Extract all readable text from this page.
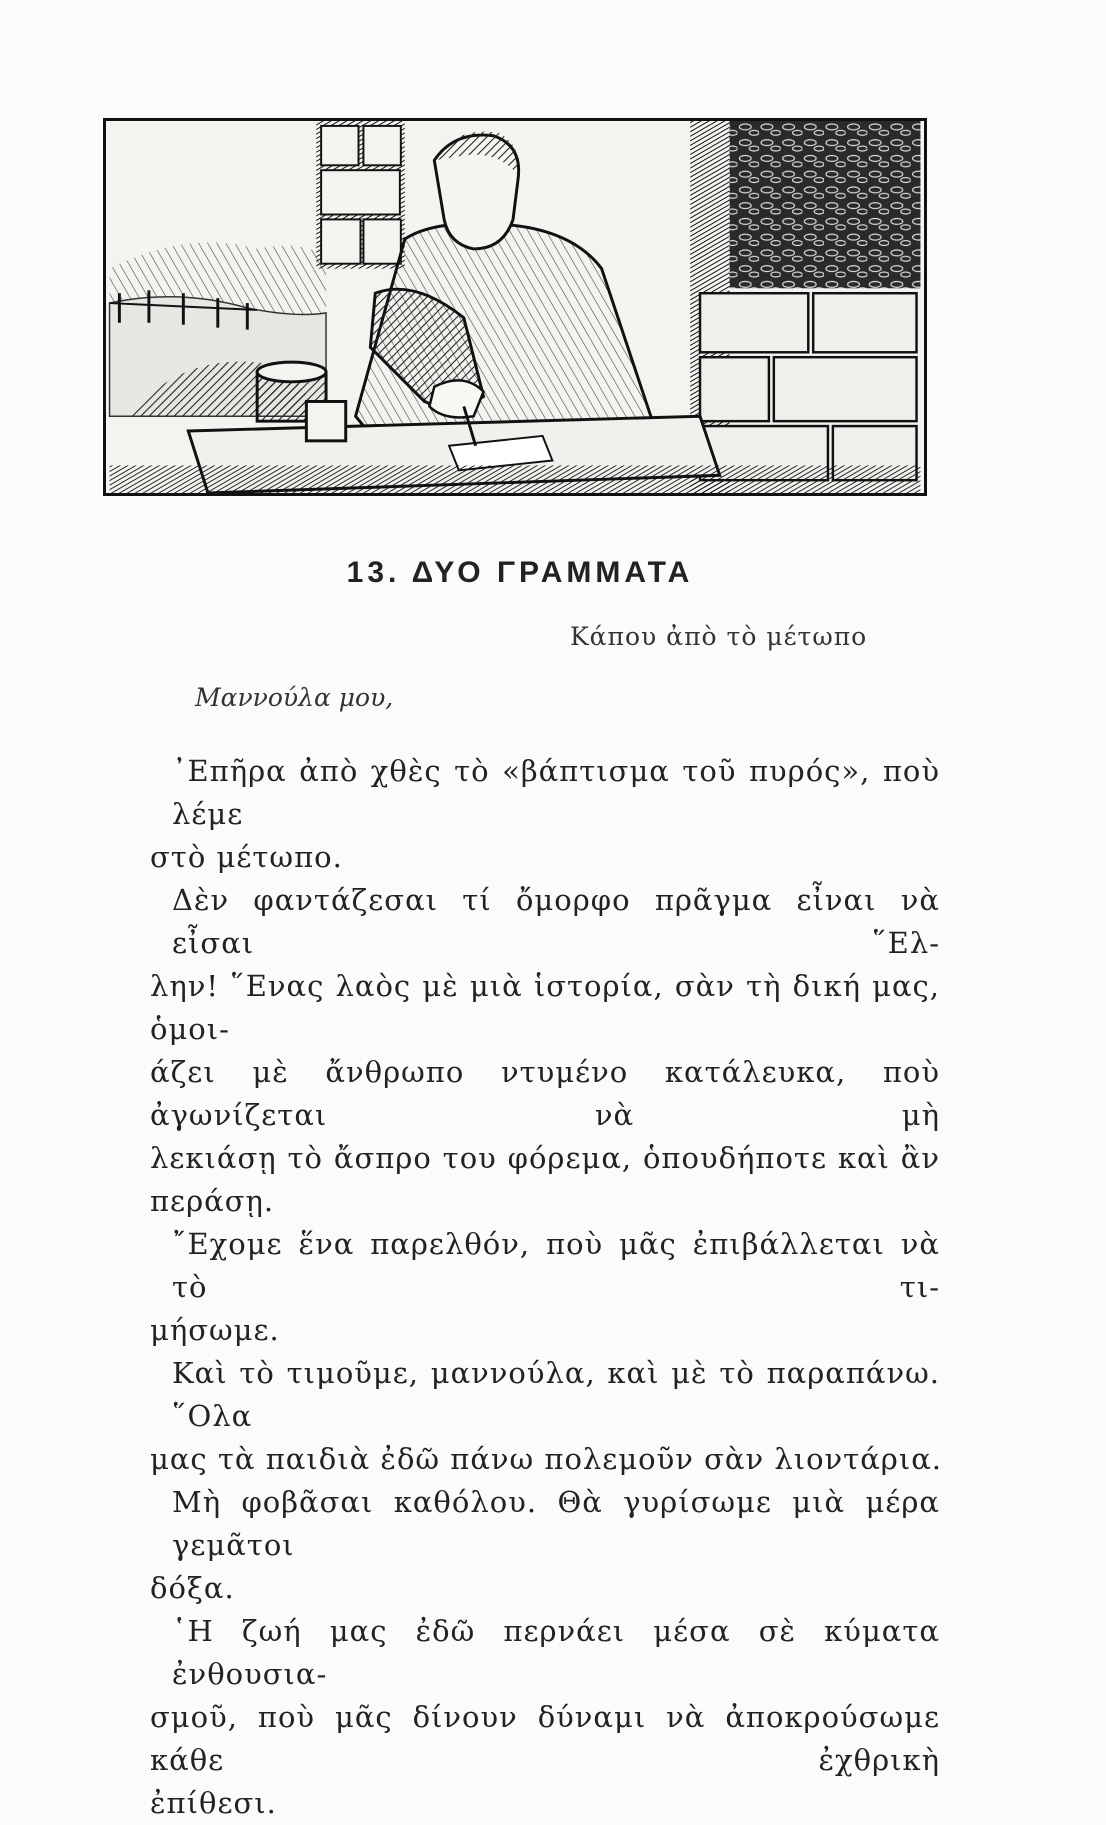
13. ΔΥΟ ΓΡΑΜΜΑΤΑ
Κάπου ἀπὸ τὸ μέτωπο
Μαννούλα μου,
᾿Επῆρα ἀπὸ χθὲς τὸ «βάπτισμα τοῦ πυρός», ποὺ λέμε
στὸ μέτωπο.
Δὲν φαντάζεσαι τί ὄμορφο πρᾶγμα εἶναι νὰ εἶσαι ῞Ελ-
λην! ῞Ενας λαὸς μὲ μιὰ ἱστορία, σὰν τὴ δική μας, ὁμοι-
άζει μὲ ἄνθρωπο ντυμένο κατάλευκα, ποὺ ἀγωνίζεται νὰ μὴ
λεκιάσῃ τὸ ἄσπρο του φόρεμα, ὁπουδήποτε καὶ ἂν περάσῃ.
῎Εχομε ἕνα παρελθόν, ποὺ μᾶς ἐπιβάλλεται νὰ τὸ τι-
μήσωμε.
Καὶ τὸ τιμοῦμε, μαννούλα, καὶ μὲ τὸ παραπάνω. ῞Ολα
μας τὰ παιδιὰ ἐδῶ πάνω πολεμοῦν σὰν λιοντάρια.
Μὴ φοβᾶσαι καθόλου. Θὰ γυρίσωμε μιὰ μέρα γεμᾶτοι
δόξα.
῾Η ζωή μας ἐδῶ περνάει μέσα σὲ κύματα ἐνθουσια-
σμοῦ, ποὺ μᾶς δίνουν δύναμι νὰ ἀποκρούσωμε κάθε ἐχθρικὴ
ἐπίθεσι.
